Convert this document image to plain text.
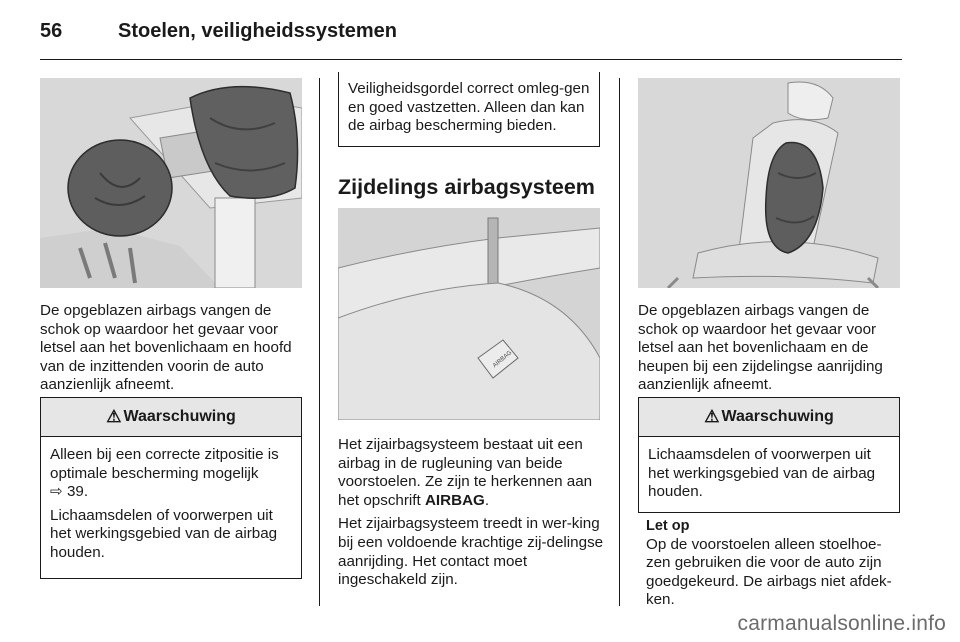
56	Stoelen, veiligheidssystemen
De opgeblazen airbags vangen de schok op waardoor het gevaar voor letsel aan het bovenlichaam en hoofd van de inzittenden voorin de auto aanzienlijk afneemt.
⚠ Waarschuwing

Alleen bij een correcte zitpositie is optimale bescherming mogelijk
⇨ 39.

Lichaamsdelen of voorwerpen uit het werkingsgebied van de airbag houden.

Veiligheidsgordel correct omleg-gen en goed vastzetten. Alleen dan kan de airbag bescherming bieden.
Zijdelings airbagsysteem
AIRBAG

Het zijairbagsysteem bestaat uit een airbag in de rugleuning van beide voorstoelen. Ze zijn te herkennen aan het opschrift AIRBAG.

Het zijairbagsysteem treedt in wer-king bij een voldoende krachtige zij-delingse aanrijding. Het contact moet ingeschakeld zijn.

De opgeblazen airbags vangen de schok op waardoor het gevaar voor letsel aan het bovenlichaam en de heupen bij een zijdelingse aanrijding aanzienlijk afneemt.
⚠ Waarschuwing
Lichaamsdelen of voorwerpen uit het werkingsgebied van de airbag houden.
Let op
Op de voorstoelen alleen stoelhoe-zen gebruiken die voor de auto zijn goedgekeurd. De airbags niet afdek-ken.
carmanualsonline.info
